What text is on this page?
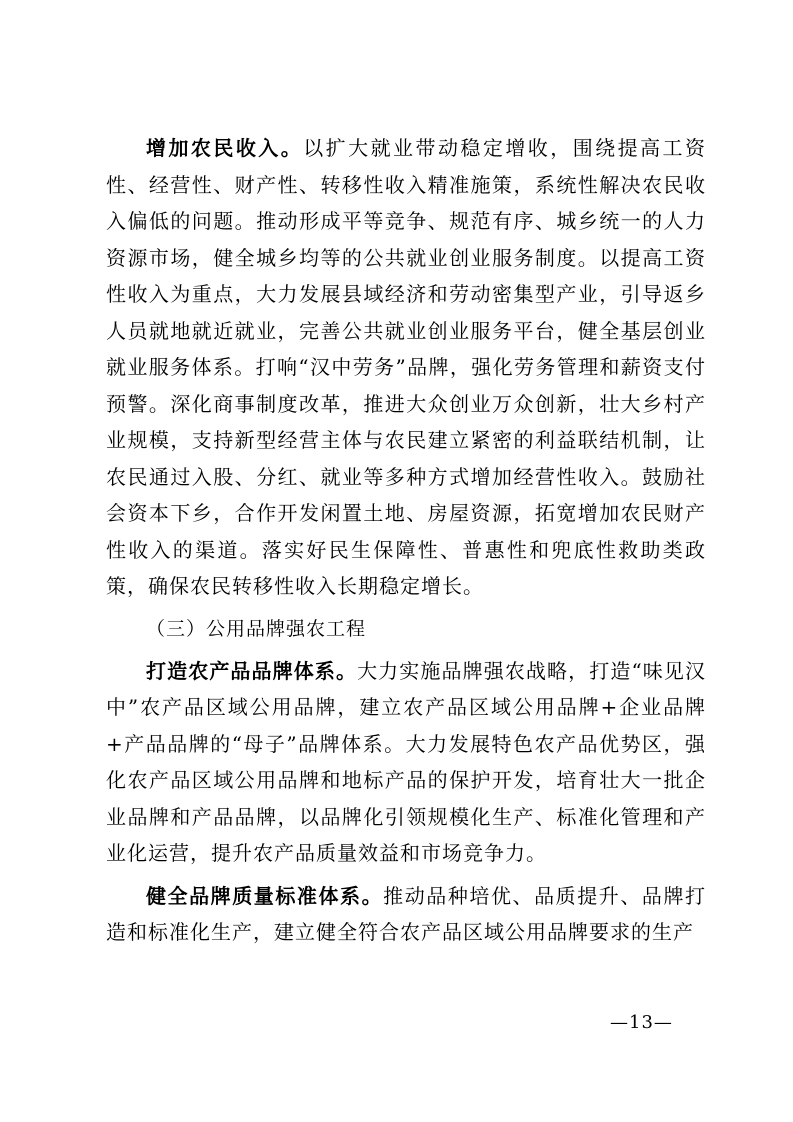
增加农民收入。以扩大就业带动稳定增收，围绕提高工资性、经营性、财产性、转移性收入精准施策，系统性解决农民收入偏低的问题。推动形成平等竞争、规范有序、城乡统一的人力资源市场，健全城乡均等的公共就业创业服务制度。以提高工资性收入为重点，大力发展县域经济和劳动密集型产业，引导返乡人员就地就近就业，完善公共就业创业服务平台，健全基层创业就业服务体系。打响“汉中劳务”品牌，强化劳务管理和薪资支付预警。深化商事制度改革，推进大众创业万众创新，壮大乡村产业规模，支持新型经营主体与农民建立紧密的利益联结机制，让农民通过入股、分红、就业等多种方式增加经营性收入。鼓励社会资本下乡，合作开发闲置土地、房屋资源，拓宽增加农民财产性收入的渠道。落实好民生保障性、普惠性和兜底性救助类政策，确保农民转移性收入长期稳定增长。

（三）公用品牌强农工程

打造农产品品牌体系。大力实施品牌强农战略，打造“味见汉中”农产品区域公用品牌，建立农产品区域公用品牌+企业品牌+产品品牌的“母子”品牌体系。大力发展特色农产品优势区，强化农产品区域公用品牌和地标产品的保护开发，培育壮大一批企业品牌和产品品牌，以品牌化引领规模化生产、标准化管理和产业化运营，提升农产品质量效益和市场竞争力。

健全品牌质量标准体系。推动品种培优、品质提升、品牌打造和标准化生产，建立健全符合农产品区域公用品牌要求的生产

—13—
